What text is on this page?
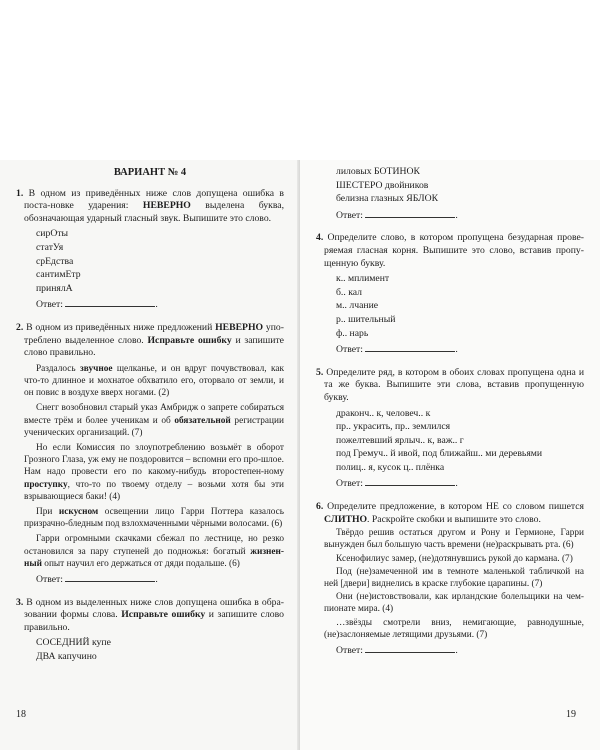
ВАРИАНТ № 4
1. В одном из приведённых ниже слов допущена ошибка в поста-новке ударения: НЕВЕРНО выделена буква, обозначающая ударный гласный звук. Выпишите это слово.
сирОты
статУя
срЕдства
сантимЕтр
принялА
Ответ:	.
2. В одном из приведённых ниже предложений НЕВЕРНО упо-треблено выделенное слово. Исправьте ошибку и запишите слово правильно.
Раздалось звучное щелканье, и он вдруг почувствовал, как что-то длинное и мохнатое обхватило его, оторвало от земли, и он повис в воздухе вверх ногами. (2)
Снегг возобновил старый указ Амбридж о запрете собираться вместе трём и более ученикам и об обязательной регистрации ученических организаций. (7)
Но если Комиссия по злоупотреблению возьмёт в оборот Грозного Глаза, уж ему не поздоровится – вспомни его про-шлое. Нам надо провести его по какому-нибудь второстепен-ному проступку, что-то по твоему отделу – возьми хотя бы эти взрывающиеся баки! (4)
При искусном освещении лицо Гарри Поттера казалось призрачно-бледным под взлохмаченными чёрными волосами. (6)
Гарри огромными скачками сбежал по лестнице, но резко остановился за пару ступеней до подножья: богатый жизнен-ный опыт научил его держаться от дяди подальше. (6)
Ответ:	.
3. В одном из выделенных ниже слов допущена ошибка в обра-зовании формы слова. Исправьте ошибку и запишите слово правильно.
СОСЕДНИЙ купе
ДВА капучино
18
лиловых БОТИНОК
ШЕСТЕРО двойников
белизна глазных ЯБЛОК
Ответ:	.
4. Определите слово, в котором пропущена безударная прове-ряемая гласная корня. Выпишите это слово, вставив пропу-щенную букву.
к.. мплимент
б.. кал
м.. лчание
р.. шительный
ф.. нарь
Ответ:	.
5. Определите ряд, в котором в обоих словах пропущена одна и та же буква. Выпишите эти слова, вставив пропущенную букву.
драконч.. к, человеч.. к
пр.. украсить, пр.. землился
пожелтевший ярлыч.. к, важ.. г
под Гремуч.. й ивой, под ближайш.. ми деревьями
полиц.. я, кусок ц.. плёнка
Ответ:	.
6. Определите предложение, в котором НЕ со словом пишется СЛИТНО. Раскройте скобки и выпишите это слово.
Твёрдо решив остаться другом и Рону и Гермионе, Гарри вынужден был большую часть времени (не)раскрывать рта. (6)
Ксенофилиус замер, (не)дотянувшись рукой до кармана. (7)
Под (не)замеченной им в темноте маленькой табличкой на ней [двери] виднелись в краске глубокие царапины. (7)
Они (не)истовствовали, как ирландские болельщики на чем-пионате мира. (4)
…звёзды смотрели вниз, немигающие, равнодушные, (не)заслоняемые летящими друзьями. (7)
Ответ:	.
19
